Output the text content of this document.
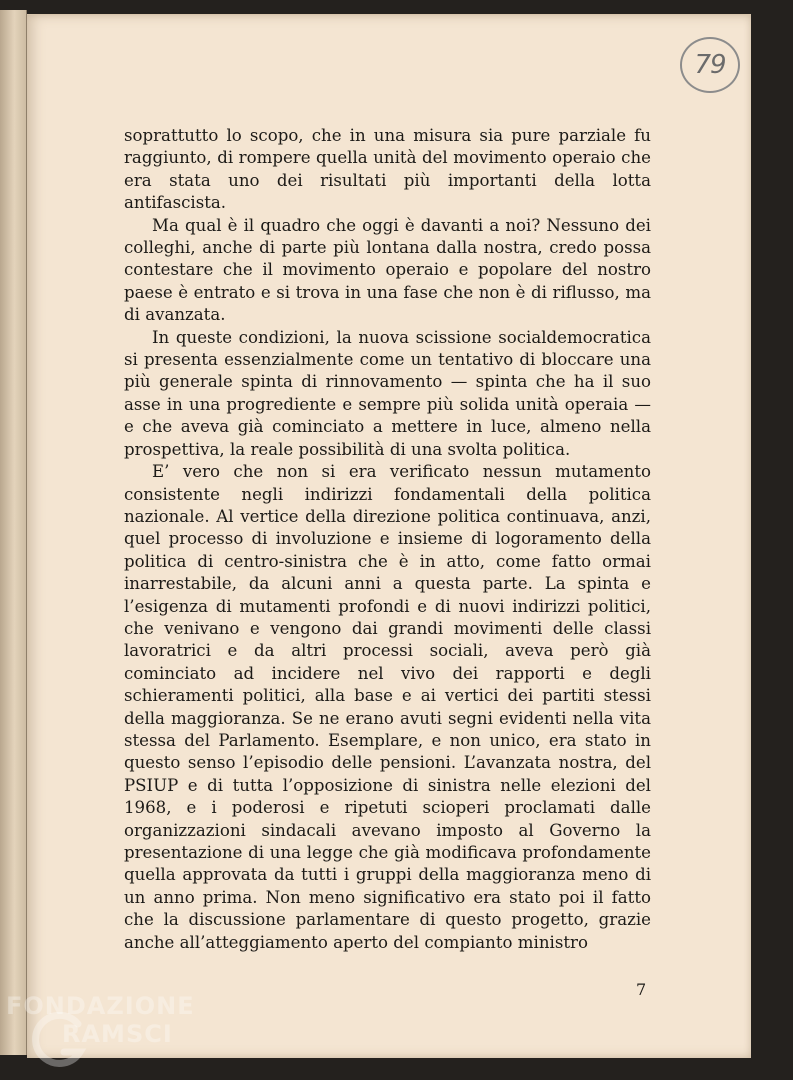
79

soprattutto lo scopo, che in una misura sia pure parziale fu raggiunto, di rompere quella unità del movimento operaio che era stata uno dei risultati più importanti della lotta antifascista.

Ma qual è il quadro che oggi è davanti a noi? Nessuno dei colleghi, anche di parte più lontana dalla nostra, credo possa contestare che il movimento operaio e popolare del nostro paese è entrato e si trova in una fase che non è di riflusso, ma di avanzata.

In queste condizioni, la nuova scissione socialdemocratica si presenta essenzialmente come un tentativo di bloccare una più generale spinta di rinnovamento — spinta che ha il suo asse in una progrediente e sempre più solida unità operaia — e che aveva già cominciato a mettere in luce, almeno nella prospettiva, la reale possibilità di una svolta politica.

E’ vero che non si era verificato nessun mutamento consistente negli indirizzi fondamentali della politica nazionale. Al vertice della direzione politica continuava, anzi, quel processo di involuzione e insieme di logoramento della politica di centro-sinistra che è in atto, come fatto ormai inarrestabile, da alcuni anni a questa parte. La spinta e l’esigenza di mutamenti profondi e di nuovi indirizzi politici, che venivano e vengono dai grandi movimenti delle classi lavoratrici e da altri processi sociali, aveva però già cominciato ad incidere nel vivo dei rapporti e degli schieramenti politici, alla base e ai vertici dei partiti stessi della maggioranza. Se ne erano avuti segni evidenti nella vita stessa del Parlamento. Esemplare, e non unico, era stato in questo senso l’episodio delle pensioni. L’avanzata nostra, del PSIUP e di tutta l’opposizione di sinistra nelle elezioni del 1968, e i poderosi e ripetuti scioperi proclamati dalle organizzazioni sindacali avevano imposto al Governo la presentazione di una legge che già modificava profondamente quella approvata da tutti i gruppi della maggioranza meno di un anno prima. Non meno significativo era stato poi il fatto che la discussione parlamentare di questo progetto, grazie anche all’atteggiamento aperto del compianto ministro

7
FONDAZIONE
RAMSCI
